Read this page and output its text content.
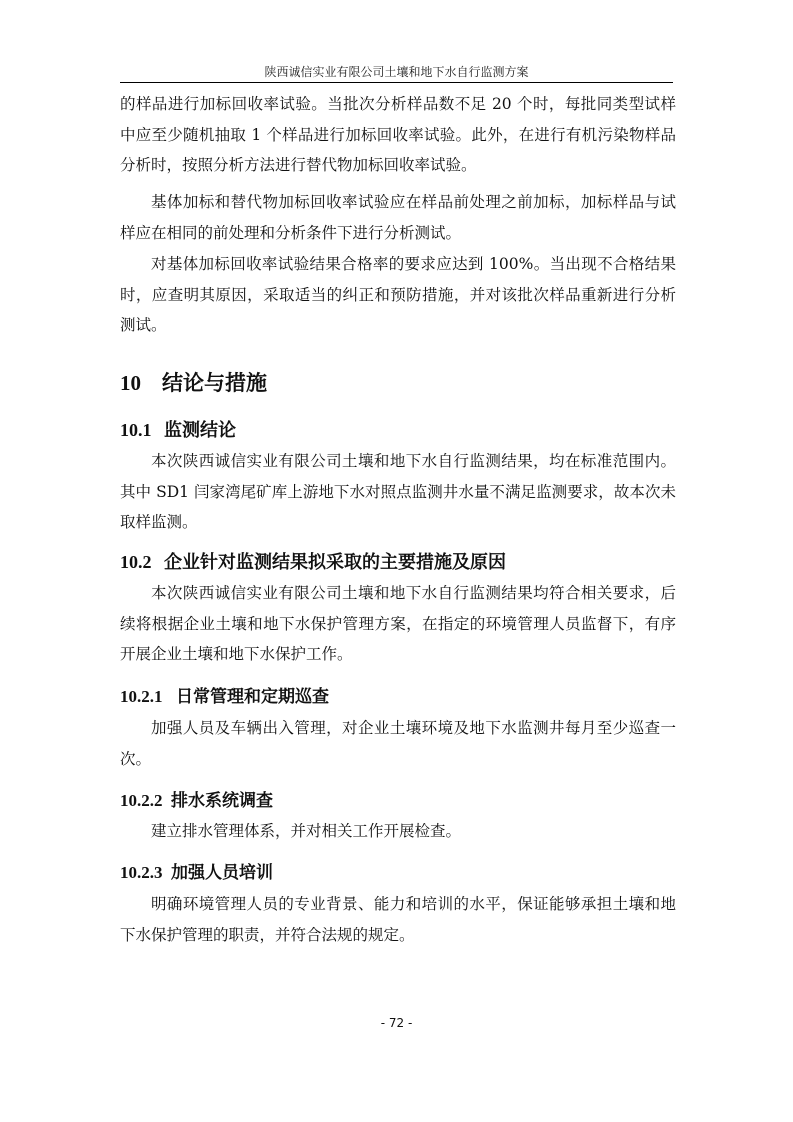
陕西诚信实业有限公司土壤和地下水自行监测方案

的样品进行加标回收率试验。当批次分析样品数不足 20 个时，每批同类型试样中应至少随机抽取 1 个样品进行加标回收率试验。此外，在进行有机污染物样品分析时，按照分析方法进行替代物加标回收率试验。

基体加标和替代物加标回收率试验应在样品前处理之前加标，加标样品与试样应在相同的前处理和分析条件下进行分析测试。

对基体加标回收率试验结果合格率的要求应达到 100%。当出现不合格结果时，应查明其原因，采取适当的纠正和预防措施，并对该批次样品重新进行分析测试。

10 结论与措施
10.1 监测结论

本次陕西诚信实业有限公司土壤和地下水自行监测结果，均在标准范围内。其中 SD1 闫家湾尾矿库上游地下水对照点监测井水量不满足监测要求，故本次未取样监测。

10.2 企业针对监测结果拟采取的主要措施及原因

本次陕西诚信实业有限公司土壤和地下水自行监测结果均符合相关要求，后续将根据企业土壤和地下水保护管理方案，在指定的环境管理人员监督下，有序开展企业土壤和地下水保护工作。

10.2.1 日常管理和定期巡查

加强人员及车辆出入管理，对企业土壤环境及地下水监测井每月至少巡查一次。

10.2.2 排水系统调查

建立排水管理体系，并对相关工作开展检查。

10.2.3 加强人员培训

明确环境管理人员的专业背景、能力和培训的水平，保证能够承担土壤和地下水保护管理的职责，并符合法规的规定。

- 72 -
